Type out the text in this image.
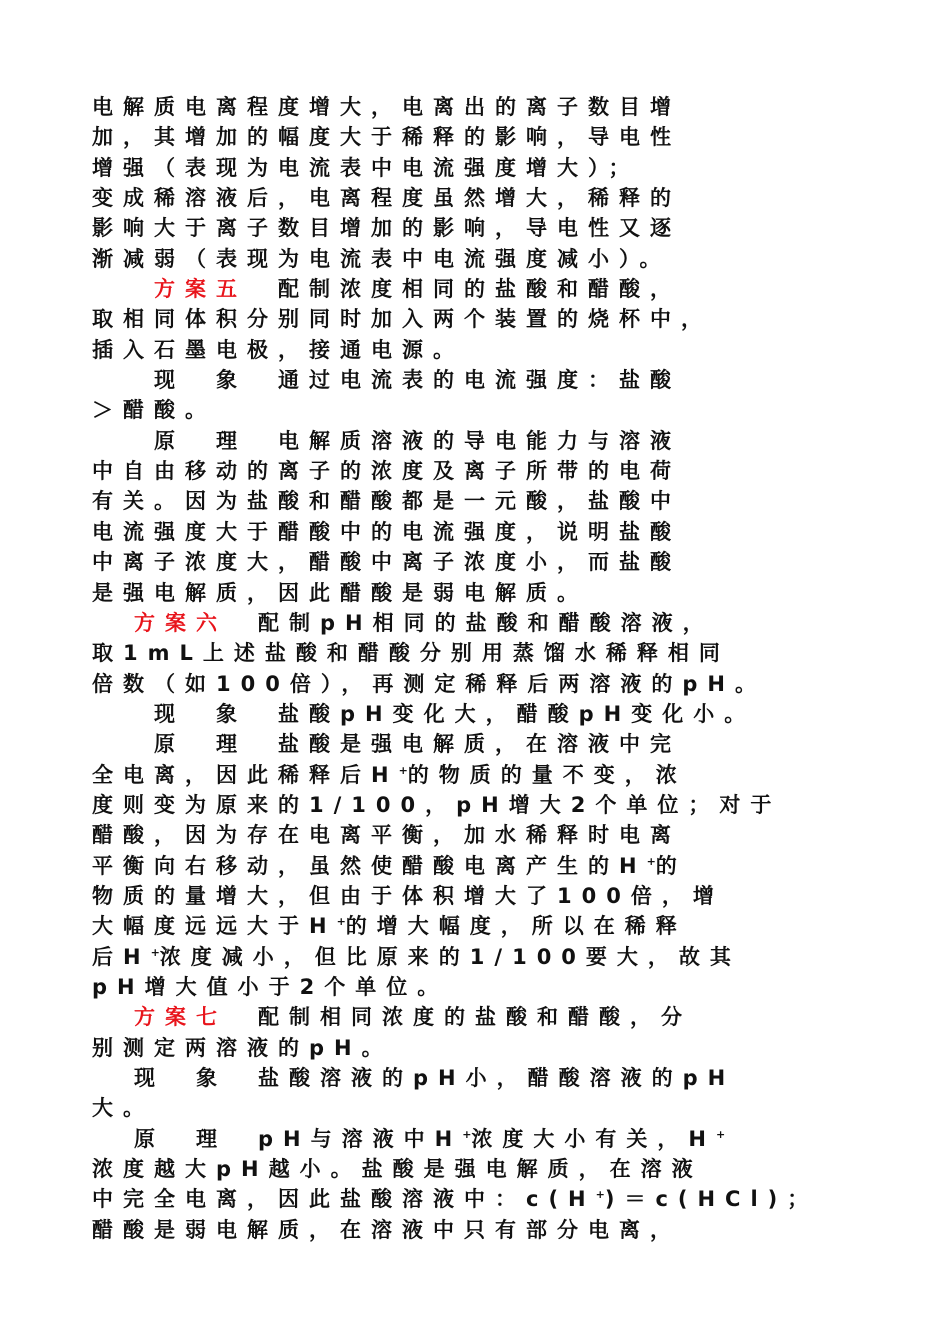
电解质电离程度增大，电离出的离子数目增
加，其增加的幅度大于稀释的影响，导电性
增强（表现为电流表中电流强度增大）；
变成稀溶液后，电离程度虽然增大，稀释的
影响大于离子数目增加的影响，导电性又逐
渐减弱（表现为电流表中电流强度减小）。
方案五　配制浓度相同的盐酸和醋酸，
取相同体积分别同时加入两个装置的烧杯中，
插入石墨电极，接通电源。
现　象　通过电流表的电流强度：盐酸
＞醋酸。
原　理　电解质溶液的导电能力与溶液
中自由移动的离子的浓度及离子所带的电荷
有关。因为盐酸和醋酸都是一元酸，盐酸中
电流强度大于醋酸中的电流强度，说明盐酸
中离子浓度大，醋酸中离子浓度小，而盐酸
是强电解质，因此醋酸是弱电解质。
方案六　配制pH相同的盐酸和醋酸溶液，
取1mL上述盐酸和醋酸分别用蒸馏水稀释相同
倍数（如100倍），再测定稀释后两溶液的pH。
现　象　盐酸pH变化大，醋酸pH变化小。
原　理　盐酸是强电解质，在溶液中完
全电离，因此稀释后H+的物质的量不变，浓
度则变为原来的1/100，pH增大2个单位；对于
醋酸，因为存在电离平衡，加水稀释时电离
平衡向右移动，虽然使醋酸电离产生的H+的
物质的量增大，但由于体积增大了100倍，增
大幅度远远大于H+的增大幅度，所以在稀释
后H+浓度减小，但比原来的1/100要大，故其
pH增大值小于2个单位。
方案七　配制相同浓度的盐酸和醋酸，分
别测定两溶液的pH。
现　象　盐酸溶液的pH小，醋酸溶液的pH
大。
原　理　pH与溶液中H+浓度大小有关，H+
浓度越大pH越小。盐酸是强电解质，在溶液
中完全电离，因此盐酸溶液中：c(H+)＝c(HCl)；
醋酸是弱电解质，在溶液中只有部分电离，
